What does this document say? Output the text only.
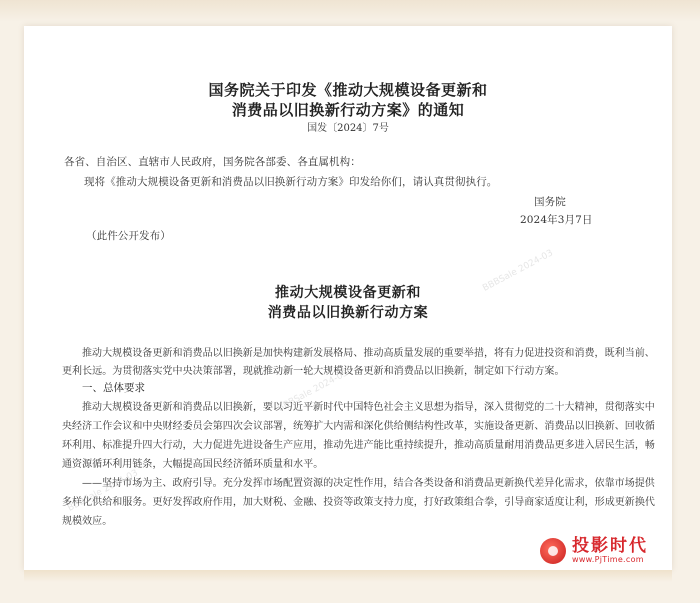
国务院关于印发《推动大规模设备更新和
消费品以旧换新行动方案》的通知
国发〔2024〕7号
各省、自治区、直辖市人民政府，国务院各部委、各直属机构：
现将《推动大规模设备更新和消费品以旧换新行动方案》印发给你们，请认真贯彻执行。
国务院
2024年3月7日
（此件公开发布）
推动大规模设备更新和
消费品以旧换新行动方案
推动大规模设备更新和消费品以旧换新是加快构建新发展格局、推动高质量发展的重要举措，将有力促进投资和消费，既利当前、
更利长远。为贯彻落实党中央决策部署，现就推动新一轮大规模设备更新和消费品以旧换新，制定如下行动方案。
一、总体要求
推动大规模设备更新和消费品以旧换新，要以习近平新时代中国特色社会主义思想为指导，深入贯彻党的二十大精神，贯彻落实中
央经济工作会议和中央财经委员会第四次会议部署，统筹扩大内需和深化供给侧结构性改革，实施设备更新、消费品以旧换新、回收循
环利用、标准提升四大行动，大力促进先进设备生产应用，推动先进产能比重持续提升，推动高质量耐用消费品更多进入居民生活，畅
通资源循环利用链条，大幅提高国民经济循环质量和水平。
——坚持市场为主、政府引导。充分发挥市场配置资源的决定性作用，结合各类设备和消费品更新换代差异化需求，依靠市场提供
多样化供给和服务。更好发挥政府作用，加大财税、金融、投资等政策支持力度，打好政策组合拳，引导商家适度让利，形成更新换代
规模效应。
BBBSale 2024-03
BBBSale 2024-03
BBBSale 2024-03
投影时代
www.PjTime.com
